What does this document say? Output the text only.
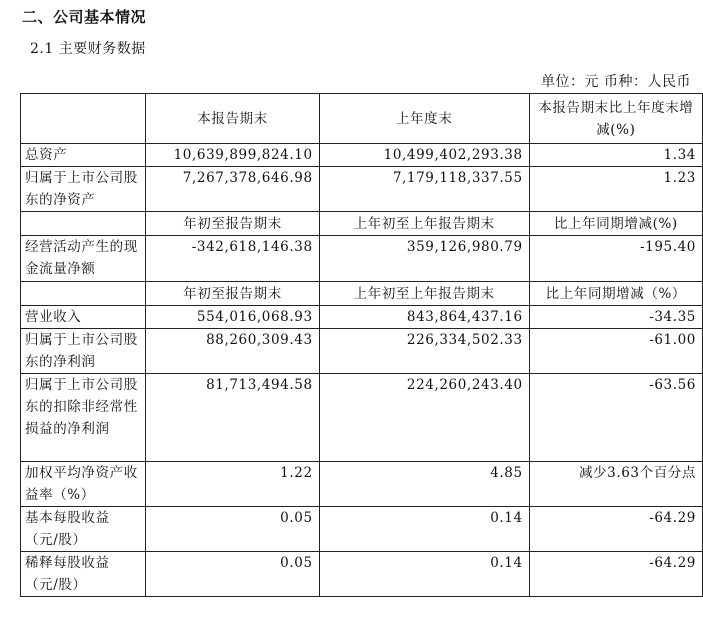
二、公司基本情况
2.1 主要财务数据
单位：元 币种：人民币
	本报告期末	上年度末	本报告期末比上年度末增减(%)
总资产	10,639,899,824.10	10,499,402,293.38	1.34
归属于上市公司股东的净资产	7,267,378,646.98	7,179,118,337.55	1.23
	年初至报告期末	上年初至上年报告期末	比上年同期增减(%)
经营活动产生的现金流量净额	-342,618,146.38	359,126,980.79	-195.40
	年初至报告期末	上年初至上年报告期末	比上年同期增减（%）
营业收入	554,016,068.93	843,864,437.16	-34.35
归属于上市公司股东的净利润	88,260,309.43	226,334,502.33	-61.00
归属于上市公司股东的扣除非经常性损益的净利润	81,713,494.58	224,260,243.40	-63.56
加权平均净资产收益率（%）	1.22	4.85	减少3.63个百分点
基本每股收益（元/股）	0.05	0.14	-64.29
稀释每股收益（元/股）	0.05	0.14	-64.29
